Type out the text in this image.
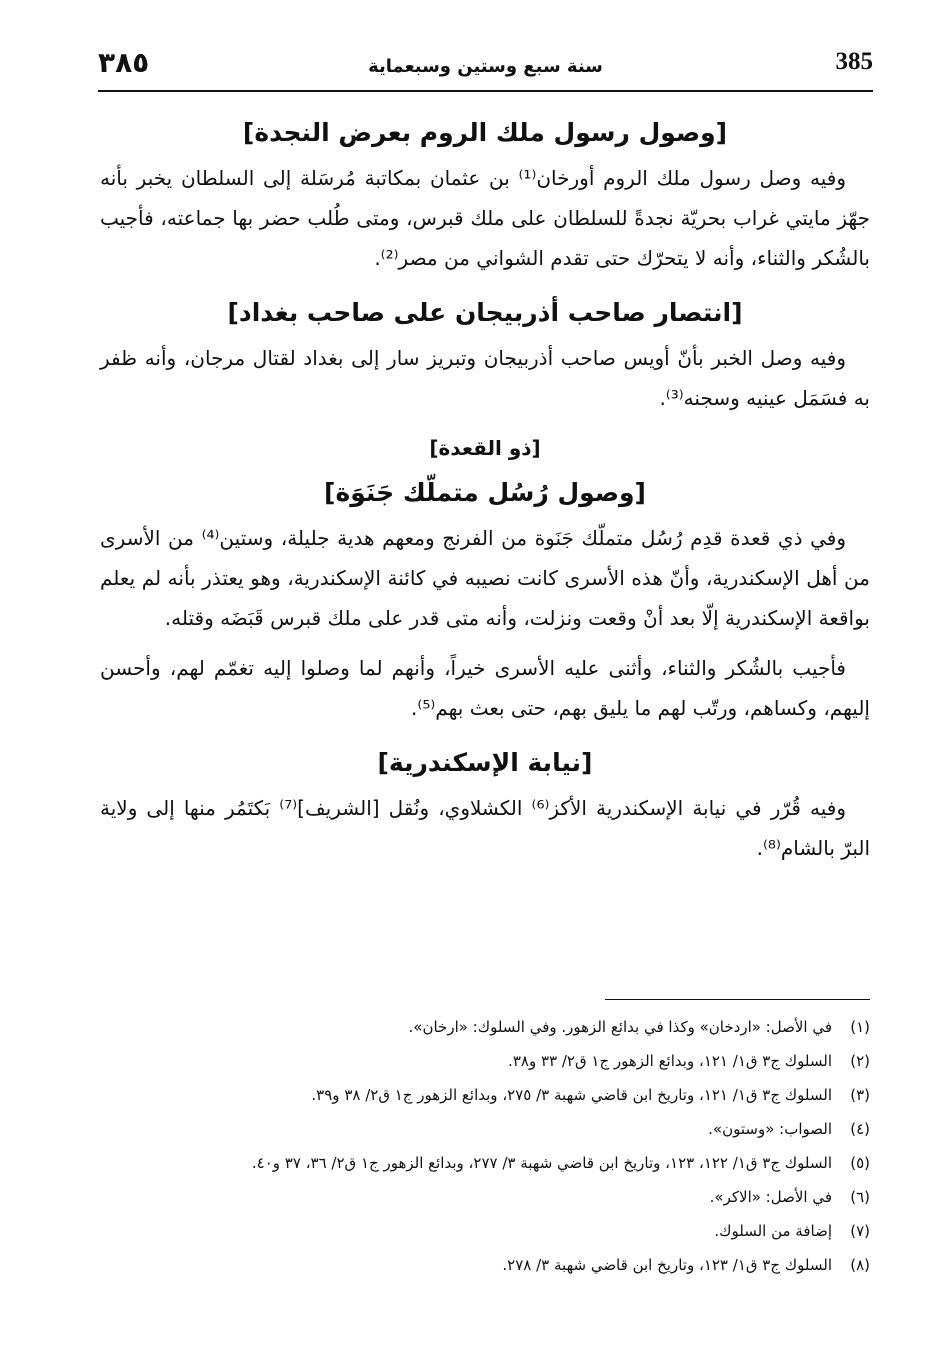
٣٨٥	سنة سبع وستين وسبعماية	385
[وصول رسول ملك الروم بعرض النجدة]

وفيه وصل رسول ملك الروم أورخان⁽¹⁾ بن عثمان بمكاتبة مُرسَلة إلى السلطان يخبر بأنه جهّز مايتي غراب بحريّة نجدةً للسلطان على ملك قبرس، ومتى طُلب حضر بها جماعته، فأجيب بالشُكر والثناء، وأنه لا يتحرّك حتى تقدم الشواني من مصر⁽²⁾.

[انتصار صاحب أذربيجان على صاحب بغداد]

وفيه وصل الخبر بأنّ أويس صاحب أذربيجان وتبريز سار إلى بغداد لقتال مرجان، وأنه ظفر به فسَمَل عينيه وسجنه⁽³⁾.

[ذو القعدة]
[وصول رُسُل متملّك جَنَوَة]

وفي ذي قعدة قدِم رُسُل متملّك جَنَوة من الفرنج ومعهم هدية جليلة، وستين⁽⁴⁾ من الأسرى من أهل الإسكندرية، وأنّ هذه الأسرى كانت نصيبه في كائنة الإسكندرية، وهو يعتذر بأنه لم يعلم بواقعة الإسكندرية إلّا بعد أنْ وقعت ونزلت، وأنه متى قدر على ملك قبرس قَبَضَه وقتله.

فأجيب بالشُكر والثناء، وأثنى عليه الأسرى خيراً، وأنهم لما وصلوا إليه تغمّم لهم، وأحسن إليهم، وكساهم، ورتّب لهم ما يليق بهم، حتى بعث بهم⁽⁵⁾.

[نيابة الإسكندرية]

وفيه قُرّر في نيابة الإسكندرية الأكز⁽⁶⁾ الكشلاوي، ونُقل [الشريف]⁽⁷⁾ بَكتَمُر منها إلى ولاية البرّ بالشام⁽⁸⁾.

(١)
في الأصل: «اردخان» وكذا في بدائع الزهور. وفي السلوك: «ارخان».
(٢)
السلوك ج٣ ق١/ ١٢١، وبدائع الزهور ج١ ق٢/ ٣٣ و٣٨.
(٣)
السلوك ج٣ ق١/ ١٢١، وتاريخ ابن قاضي شهبة ٣/ ٢٧٥، وبدائع الزهور ج١ ق٢/ ٣٨ و٣٩.
(٤)
الصواب: «وستون».
(٥)
السلوك ج٣ ق١/ ١٢٢، ١٢٣، وتاريخ ابن قاضي شهبة ٣/ ٢٧٧، وبدائع الزهور ج١ ق٢/ ٣٦، ٣٧ و٤٠.
(٦)
في الأصل: «الاكر».
(٧)
إضافة من السلوك.
(٨)
السلوك ج٣ ق١/ ١٢٣، وتاريخ ابن قاضي شهبة ٣/ ٢٧٨.
